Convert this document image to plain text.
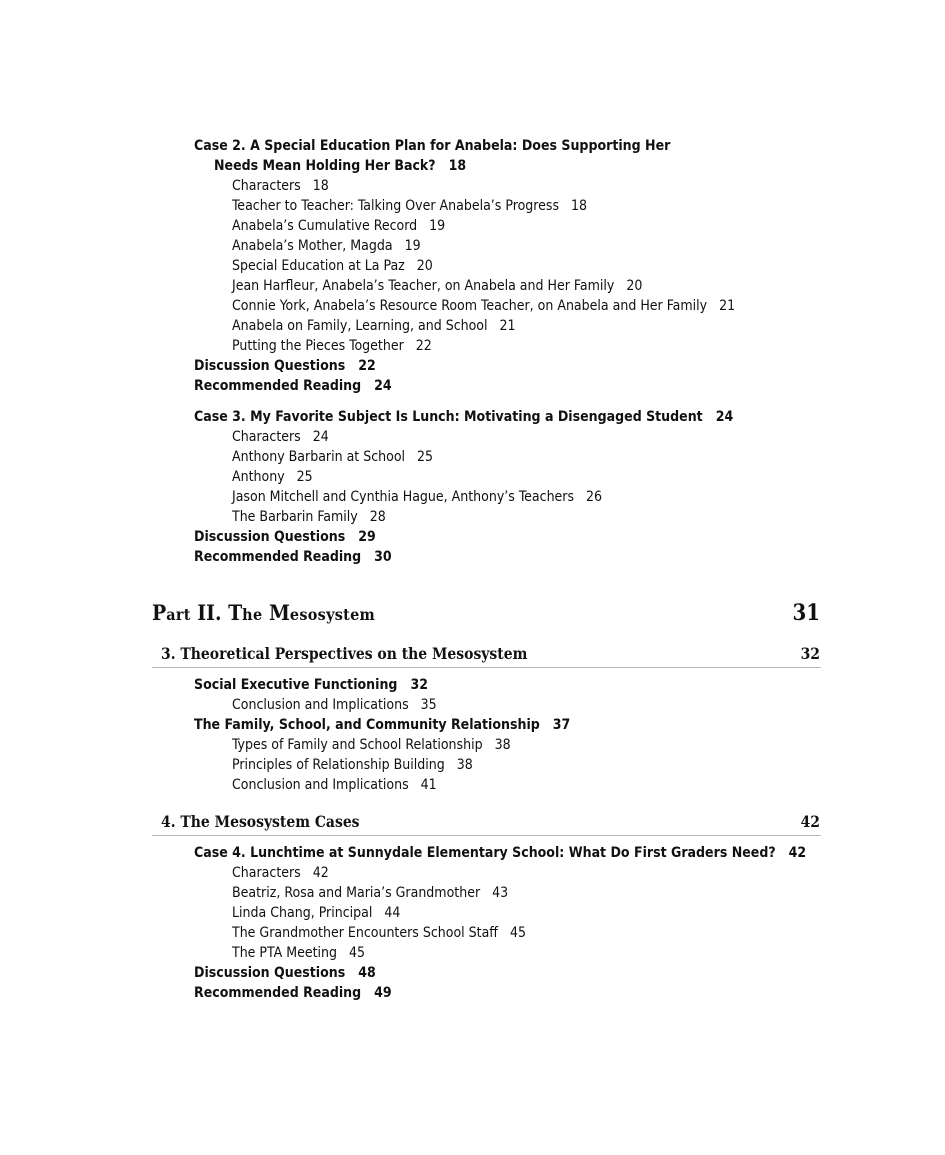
Case 2. A Special Education Plan for Anabela: Does Supporting Her
Needs Mean Holding Her Back? 18
Characters 18
Teacher to Teacher: Talking Over Anabela’s Progress 18
Anabela’s Cumulative Record 19
Anabela’s Mother, Magda 19
Special Education at La Paz 20
Jean Harfleur, Anabela’s Teacher, on Anabela and Her Family 20
Connie York, Anabela’s Resource Room Teacher, on Anabela and Her Family 21
Anabela on Family, Learning, and School 21
Putting the Pieces Together 22
Discussion Questions 22
Recommended Reading 24
Case 3. My Favorite Subject Is Lunch: Motivating a Disengaged Student 24
Characters 24
Anthony Barbarin at School 25
Anthony 25
Jason Mitchell and Cynthia Hague, Anthony’s Teachers 26
The Barbarin Family 28
Discussion Questions 29
Recommended Reading 30
Part II. The Mesosystem	31
3. Theoretical Perspectives on the Mesosystem	32
Social Executive Functioning 32
Conclusion and Implications 35
The Family, School, and Community Relationship 37
Types of Family and School Relationship 38
Principles of Relationship Building 38
Conclusion and Implications 41
4. The Mesosystem Cases	42
Case 4. Lunchtime at Sunnydale Elementary School: What Do First Graders Need? 42
Characters 42
Beatriz, Rosa and Maria’s Grandmother 43
Linda Chang, Principal 44
The Grandmother Encounters School Staff 45
The PTA Meeting 45
Discussion Questions 48
Recommended Reading 49
